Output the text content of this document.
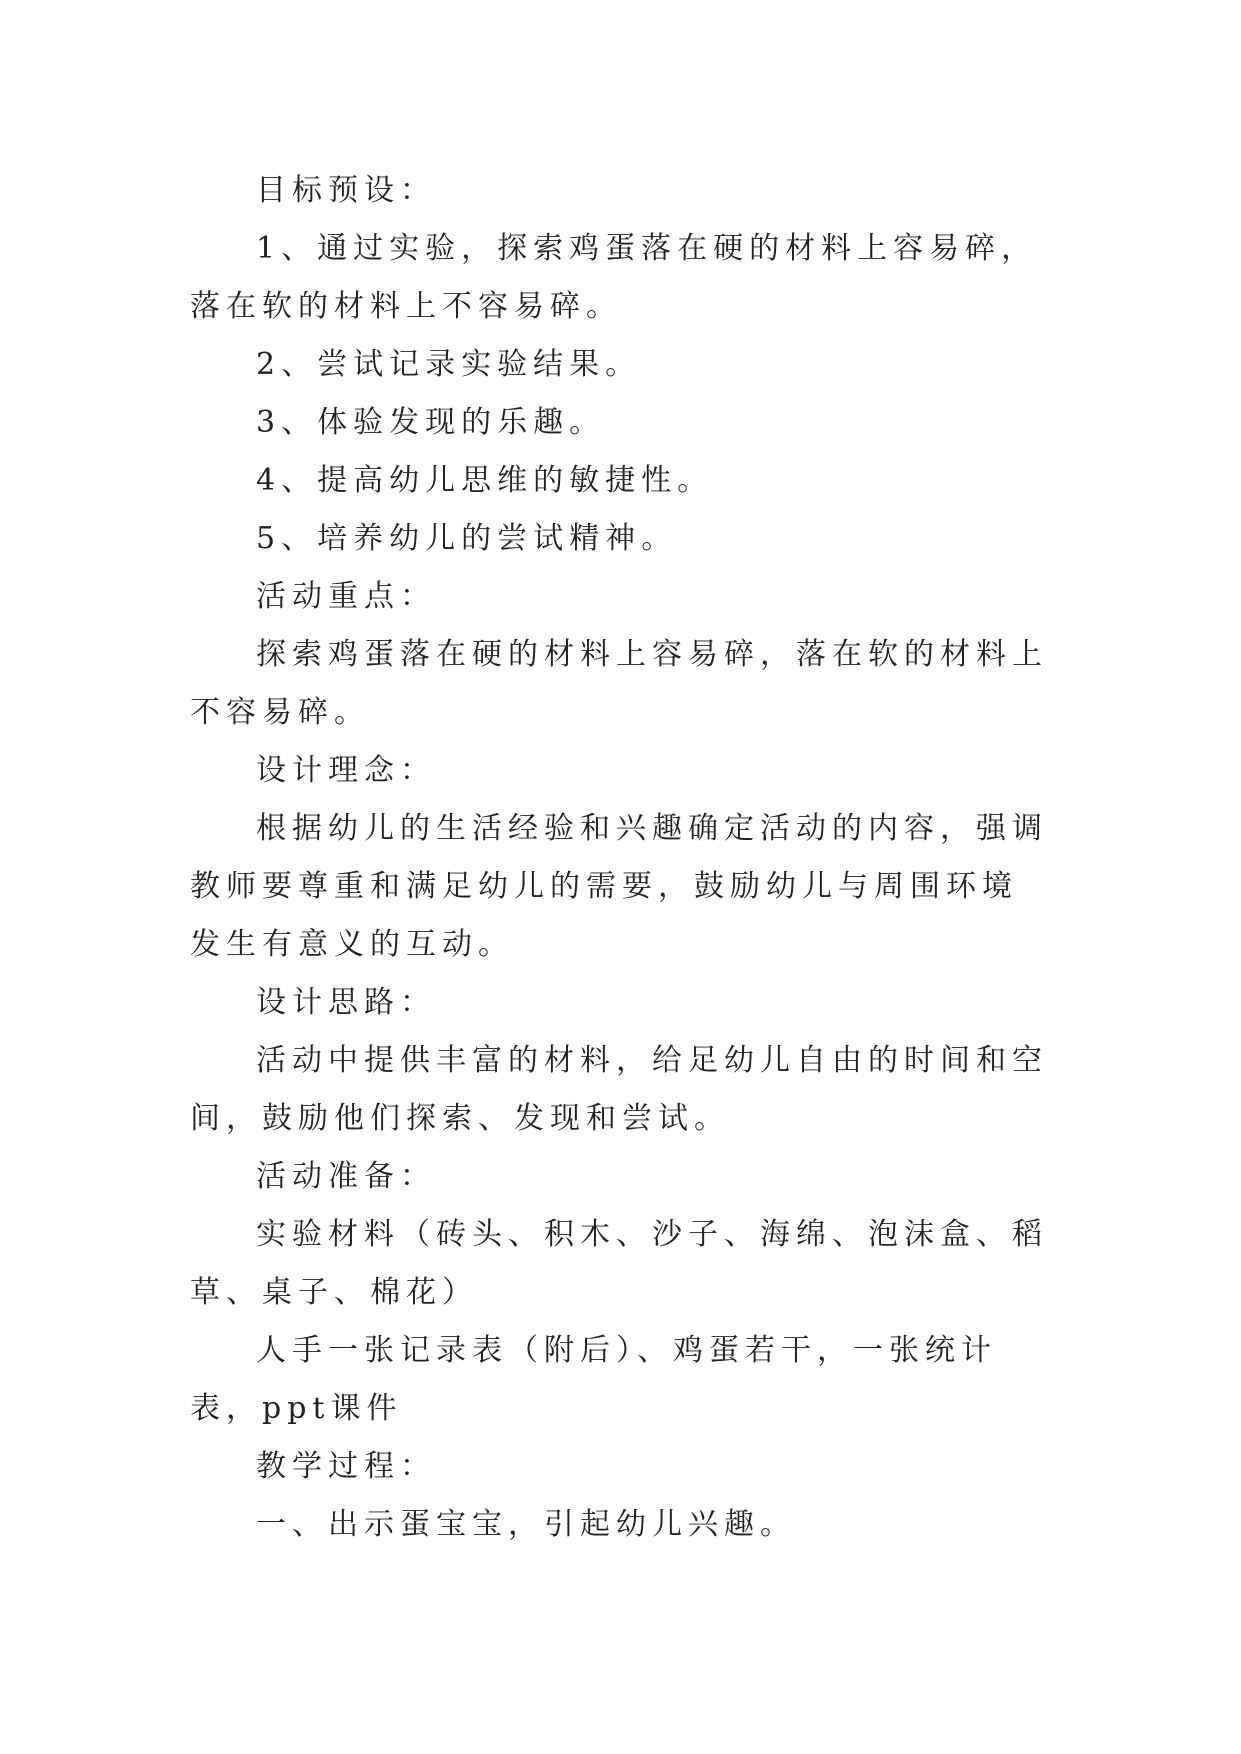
目标预设：

1、通过实验，探索鸡蛋落在硬的材料上容易碎，落在软的材料上不容易碎。

2、尝试记录实验结果。

3、体验发现的乐趣。

4、提高幼儿思维的敏捷性。

5、培养幼儿的尝试精神。

活动重点：

探索鸡蛋落在硬的材料上容易碎，落在软的材料上不容易碎。

设计理念：

根据幼儿的生活经验和兴趣确定活动的内容，强调教师要尊重和满足幼儿的需要，鼓励幼儿与周围环境发生有意义的互动。

设计思路：

活动中提供丰富的材料，给足幼儿自由的时间和空间，鼓励他们探索、发现和尝试。

活动准备：

实验材料（砖头、积木、沙子、海绵、泡沫盒、稻草、桌子、棉花）

人手一张记录表（附后）、鸡蛋若干，一张统计表，ppt课件

教学过程：

一、出示蛋宝宝，引起幼儿兴趣。
